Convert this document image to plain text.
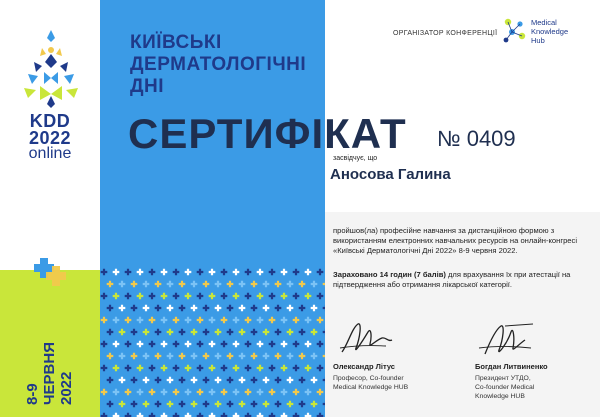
KDD
2022
online
8-9 ЧЕРВНЯ 2022
КИЇВСЬКІ
ДЕРМАТОЛОГІЧНІ
ДНІ
СЕРТИФІКАТ № 0409
ОРГАНІЗАТОР КОНФЕРЕНЦІЇ
Medical
Knowledge
Hub
засвідчує, що
Аносова Галина
пройшов(ла) професійне навчання за дистанційною формою з використанням електронних навчальних ресурсів на онлайн-конгресі «Київські Дерматологічні Дні 2022» 8-9 червня 2022.
Зараховано 14 годин (7 балів) для врахування їх при атестації на підтвердження або отримання лікарської категорії.
Олександр Літус
Професор, Co-founder
Medical Knowledge HUB
Богдан Литвиненко
Президент УТДО,
Co-founder Medical
Knowledge HUB
